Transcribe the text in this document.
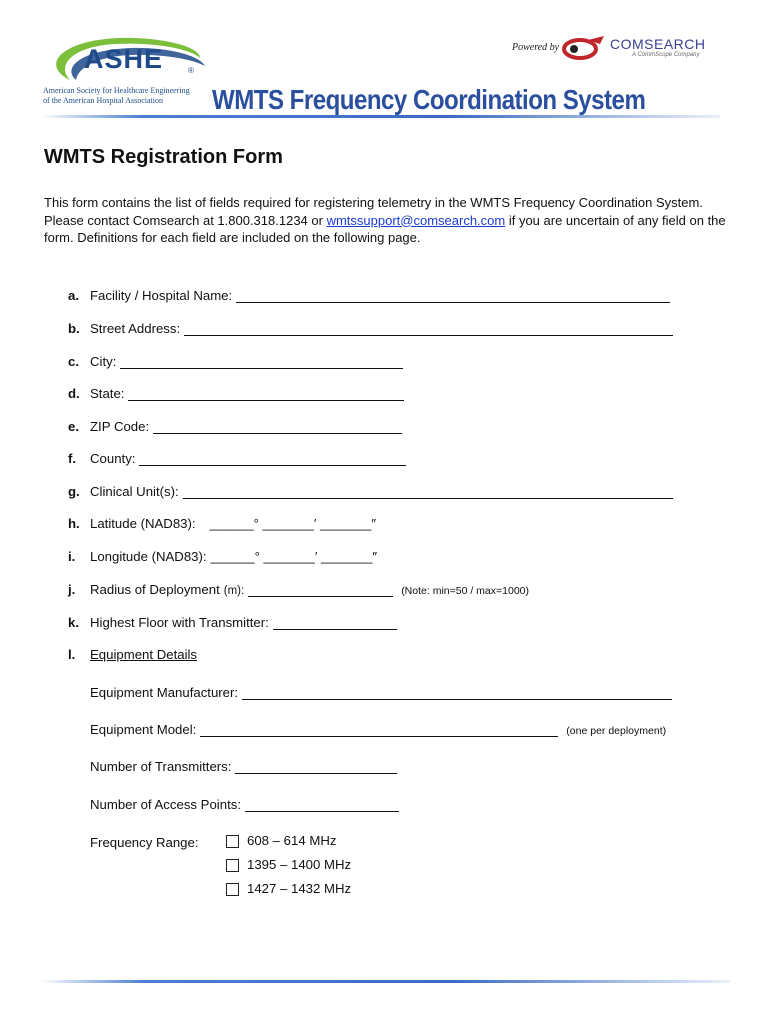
ASHE	®
American Society for Healthcare Engineering
of the American Hospital Association
Powered by	COMSEARCH
A CommScope Company
WMTS Frequency Coordination System
WMTS Registration Form
This form contains the list of fields required for registering telemetry in the WMTS Frequency Coordination System. Please contact Comsearch at 1.800.318.1234 or wmtssupport@comsearch.com if you are uncertain of any field on the form. Definitions for each field are included on the following page.
a. Facility / Hospital Name:
b. Street Address:
c. City:
d. State:
e. ZIP Code:
f.	County:
g. Clinical Unit(s):
h. Latitude (NAD83): ______° _______′ _______″
i.	Longitude (NAD83): ______° _______′ _______″
j.	Radius of Deployment (m):	(Note: min=50 / max=1000)
k. Highest Floor with Transmitter:
l.	Equipment Details
Equipment Manufacturer:
Equipment Model:	(one per deployment)
Number of Transmitters:
Number of Access Points:
Frequency Range:	608 – 614 MHz
1395 – 1400 MHz
1427 – 1432 MHz
